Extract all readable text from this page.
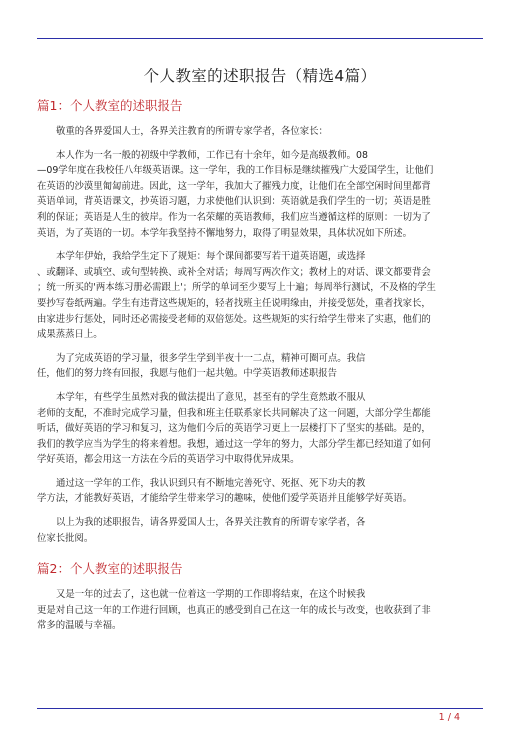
个人教室的述职报告（精选4篇）
篇1：个人教室的述职报告
敬重的各界爱国人士，各界关注教育的所谓专家学者，各位家长：
本人作为一名一般的初级中学教师，工作已有十余年，如今是高级教师。08
—09学年度在我校任八年级英语课。这一学年，我的工作目标是继续摧残广大爱国学生，让他们
在英语的沙漠里匍匐前进。因此，这一学年，我加大了摧残力度，让他们在全部空闲时间里都背
英语单词，背英语课文，抄英语习题，力求使他们认识到：英语就是我们学生的一切；英语是胜
利的保证；英语是人生的彼岸。作为一名荣耀的英语教师，我们应当遵循这样的原则：一切为了
英语，为了英语的一切。本学年我坚持不懈地努力，取得了明显效果，具体状况如下所述。
本学年伊始，我给学生定下了规矩：每个课间都要写若干道英语题，或选择
、或翻译、或填空、或句型转换、或补全对话；每周写两次作文；教材上的对话、课文都要背会
；统一所买的'两本练习册必需跟上'；所学的单词至少要写上十遍；每周举行测试，不及格的学生
要抄写卷纸两遍。学生有违背这些规矩的，轻者找班主任说明缘由，并接受惩处，重者找家长，
由家进步行惩处，同时还必需接受老师的双倍惩处。这些规矩的实行给学生带来了实惠，他们的
成果蒸蒸日上。
为了完成英语的学习量，很多学生学到半夜十一二点，精神可圈可点。我信
任，他们的努力终有回报，我愿与他们一起共勉。中学英语教师述职报告
本学年，有些学生虽然对我的做法提出了意见，甚至有的学生竟然敢不服从
老师的支配，不准时完成学习量，但我和班主任联系家长共同解决了这一问题，大部分学生都能
听话，做好英语的学习和复习，这为他们今后的英语学习更上一层楼打下了坚实的基础。是的，
我们的教学应当为学生的将来着想。我想，通过这一学年的努力，大部分学生都已经知道了如何
学好英语，都会用这一方法在今后的英语学习中取得优异成果。
通过这一学年的工作，我认识到只有不断地完善死守、死抠、死下功夫的教
学方法，才能教好英语，才能给学生带来学习的趣味，使他们爱学英语并且能够学好英语。
以上为我的述职报告，请各界爱国人士，各界关注教育的所谓专家学者，各
位家长批阅。
篇2：个人教室的述职报告
又是一年的过去了，这也就一位着这一学期的工作即将结束，在这个时候我
更是对自己这一年的工作进行回顾，也真正的感受到自己在这一年的成长与改变，也收获到了非
常多的温暖与幸福。
1 / 4
